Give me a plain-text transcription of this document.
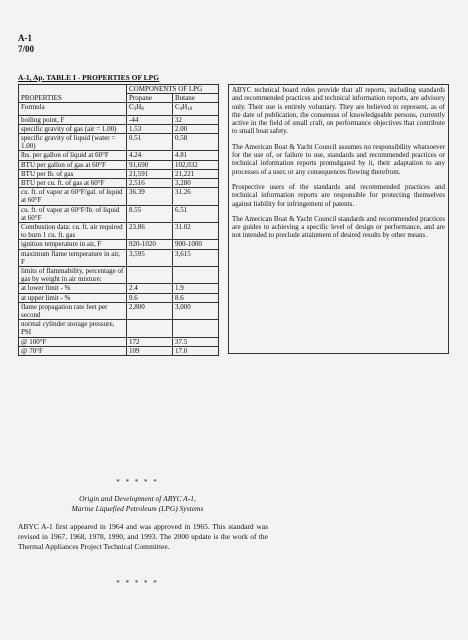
A-1
7/00
A-1, Ap. TABLE I - PROPERTIES OF LPG
PROPERTIES	COMPONENTS OF LPG	
	Propane	Butane
Formula	$C_3H_8$	$C_4H_{10}$
boiling point, F	-44	32
specific gravity of gas (air = 1.00)	1.53	2.00
specific gravity of liquid (water = 1.00)	0.51	0.58
lbs. per gallon of liquid at 60°F	4.24	4.81
BTU per gallon of gas at 60°F	91,690	102,032
BTU per lb. of gas	21,591	21,221
BTU per cu. ft. of gas at 60°F	2,516	3,280
cu. ft. of vapor at 60°F/gal. of liquid at 60°F	36.39	31.26
cu. ft. of vapor at 60°F/lb. of liquid at 60°F	8.55	6.51
Combustion data: cu. ft. air required to burn 1 cu. ft. gas	23.86	31.02
ignition temperature in air, F	920-1020	900-1000
maximum flame temperature in air, F	3,595	3,615
limits of flammability, percentage of gas by weight in air mixture:		
at lower limit - %	2.4	1.9
at upper limit - %	9.6	8.6
flame propagation rate feet per second	2,800	3,000
normal cylinder storage pressure, PSI		
@ 100°F	172	37.5
@ 70°F	109	17.0

ABYC technical board rules provide that all reports, including standards and recommended practices and technical information reports, are advisory only. Their use is entirely voluntary. They are believed to represent, as of the date of publication, the consensus of knowledgeable persons, currently active in the field of small craft, on performance objectives that contribute to small boat safety.

The American Boat & Yacht Council assumes no responsibility whatsoever for the use of, or failure to use, standards and recommended practices or technical information reports promulgated by it, their adaptation to any processes of a user, or any consequences flowing therefrom.

Prospective users of the standards and recommended practices and technical information reports are responsible for protecting themselves against liability for infringement of patents.

The American Boat & Yacht Council standards and recommended practices are guides to achieving a specific level of design or performance, and are not intended to preclude attainment of desired results by other means.

* * * * *
Origin and Development of ABYC A-1,
Marine Liquefied Petroleum (LPG) Systems
ABYC A-1 first appeared in 1964 and was approved in 1965. This standard was revised in 1967, 1968, 1978, 1990, and 1993. The 2000 update is the work of the Thermal Appliances Project Technical Committee.
* * * * *
